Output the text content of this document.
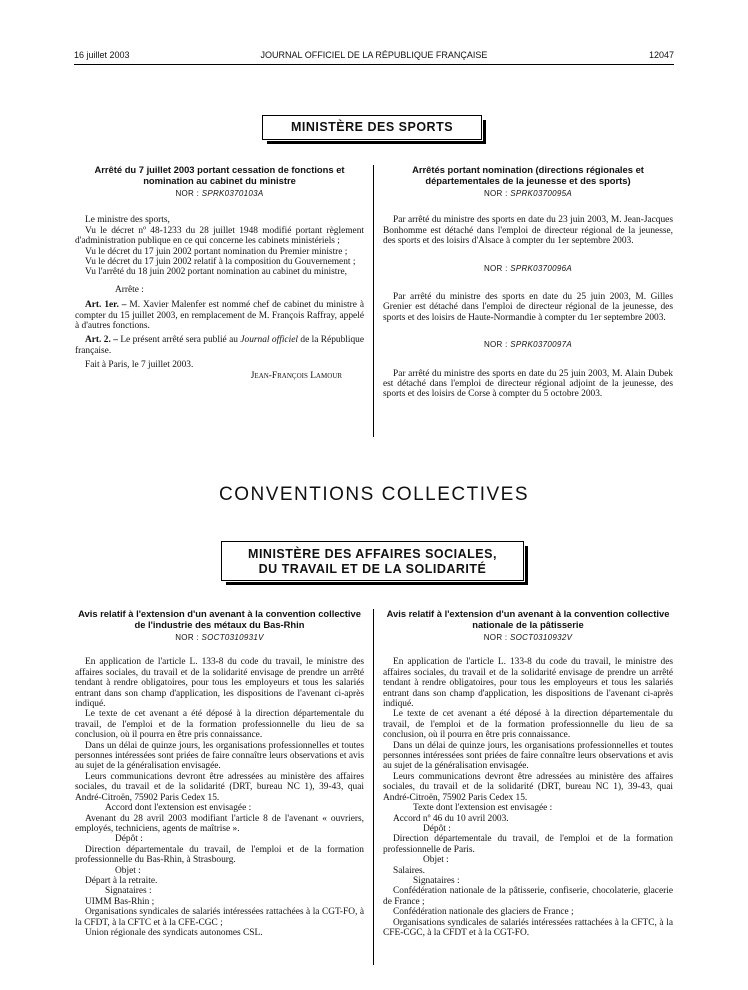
16 juillet 2003	JOURNAL OFFICIEL DE LA RÉPUBLIQUE FRANÇAISE	12047
MINISTÈRE DES SPORTS

Arrêté du 7 juillet 2003 portant cessation de fonctions et nomination au cabinet du ministre

NOR : SPRK0370103A

Le ministre des sports,

Vu le décret nº 48-1233 du 28 juillet 1948 modifié portant règlement d'administration publique en ce qui concerne les cabinets ministériels ;

Vu le décret du 17 juin 2002 portant nomination du Premier ministre ;

Vu le décret du 17 juin 2002 relatif à la composition du Gouvernement ;

Vu l'arrêté du 18 juin 2002 portant nomination au cabinet du ministre,

Arrête :

Art. 1er. – M. Xavier Malenfer est nommé chef de cabinet du ministre à compter du 15 juillet 2003, en remplacement de M. François Raffray, appelé à d'autres fonctions.

Art. 2. – Le présent arrêté sera publié au Journal officiel de la République française.

Fait à Paris, le 7 juillet 2003.

Jean-François Lamour

Arrêtés portant nomination (directions régionales et départementales de la jeunesse et des sports)

NOR : SPRK0370095A

Par arrêté du ministre des sports en date du 23 juin 2003, M. Jean-Jacques Bonhomme est détaché dans l'emploi de directeur régional de la jeunesse, des sports et des loisirs d'Alsace à compter du 1er septembre 2003.

NOR : SPRK0370096A

Par arrêté du ministre des sports en date du 25 juin 2003, M. Gilles Grenier est détaché dans l'emploi de directeur régional de la jeunesse, des sports et des loisirs de Haute-Normandie à compter du 1er septembre 2003.

NOR : SPRK0370097A

Par arrêté du ministre des sports en date du 25 juin 2003, M. Alain Dubek est détaché dans l'emploi de directeur régional adjoint de la jeunesse, des sports et des loisirs de Corse à compter du 5 octobre 2003.

CONVENTIONS COLLECTIVES
MINISTÈRE DES AFFAIRES SOCIALES,
DU TRAVAIL ET DE LA SOLIDARITÉ

Avis relatif à l'extension d'un avenant à la convention collective de l'industrie des métaux du Bas-Rhin

NOR : SOCT0310931V

En application de l'article L. 133-8 du code du travail, le ministre des affaires sociales, du travail et de la solidarité envisage de prendre un arrêté tendant à rendre obligatoires, pour tous les employeurs et tous les salariés entrant dans son champ d'application, les dispositions de l'avenant ci-après indiqué.

Le texte de cet avenant a été déposé à la direction départementale du travail, de l'emploi et de la formation professionnelle du lieu de sa conclusion, où il pourra en être pris connaissance.

Dans un délai de quinze jours, les organisations professionnelles et toutes personnes intéressées sont priées de faire connaître leurs observations et avis au sujet de la généralisation envisagée.

Leurs communications devront être adressées au ministère des affaires sociales, du travail et de la solidarité (DRT, bureau NC 1), 39-43, quai André-Citroën, 75902 Paris Cedex 15.

Accord dont l'extension est envisagée :

Avenant du 28 avril 2003 modifiant l'article 8 de l'avenant « ouvriers, employés, techniciens, agents de maîtrise ».

Dépôt :

Direction départementale du travail, de l'emploi et de la formation professionnelle du Bas-Rhin, à Strasbourg.

Objet :

Départ à la retraite.

Signataires :

UIMM Bas-Rhin ;

Organisations syndicales de salariés intéressées rattachées à la CGT-FO, à la CFDT, à la CFTC et à la CFE-CGC ;

Union régionale des syndicats autonomes CSL.

Avis relatif à l'extension d'un avenant à la convention collective nationale de la pâtisserie

NOR : SOCT0310932V

En application de l'article L. 133-8 du code du travail, le ministre des affaires sociales, du travail et de la solidarité envisage de prendre un arrêté tendant à rendre obligatoires, pour tous les employeurs et tous les salariés entrant dans son champ d'application, les dispositions de l'avenant ci-après indiqué.

Le texte de cet avenant a été déposé à la direction départementale du travail, de l'emploi et de la formation professionnelle du lieu de sa conclusion, où il pourra en être pris connaissance.

Dans un délai de quinze jours, les organisations professionnelles et toutes personnes intéressées sont priées de faire connaître leurs observations et avis au sujet de la généralisation envisagée.

Leurs communications devront être adressées au ministère des affaires sociales, du travail et de la solidarité (DRT, bureau NC 1), 39-43, quai André-Citroën, 75902 Paris Cedex 15.

Texte dont l'extension est envisagée :

Accord nº 46 du 10 avril 2003.

Dépôt :

Direction départementale du travail, de l'emploi et de la formation professionnelle de Paris.

Objet :

Salaires.

Signataires :

Confédération nationale de la pâtisserie, confiserie, chocolaterie, glacerie de France ;

Confédération nationale des glaciers de France ;

Organisations syndicales de salariés intéressées rattachées à la CFTC, à la CFE-CGC, à la CFDT et à la CGT-FO.
